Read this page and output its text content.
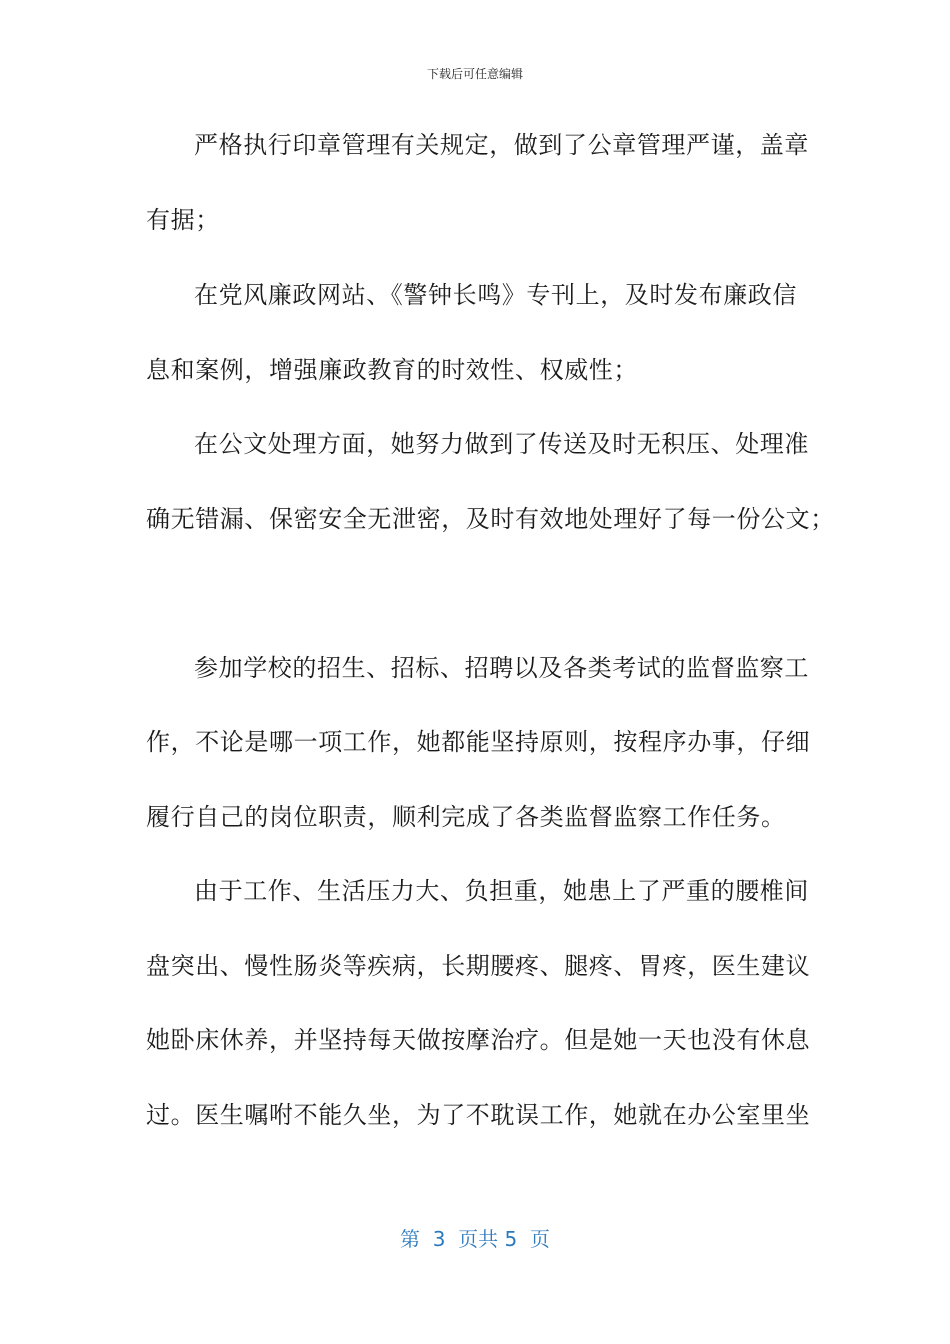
下载后可任意编辑
严格执行印章管理有关规定，做到了公章管理严谨，盖章
有据；
在党风廉政网站、《警钟长鸣》专刊上，及时发布廉政信
息和案例，增强廉政教育的时效性、权威性；
在公文处理方面，她努力做到了传送及时无积压、处理准
确无错漏、保密安全无泄密，及时有效地处理好了每一份公文；
参加学校的招生、招标、招聘以及各类考试的监督监察工
作，不论是哪一项工作，她都能坚持原则，按程序办事，仔细
履行自己的岗位职责，顺利完成了各类监督监察工作任务。
由于工作、生活压力大、负担重，她患上了严重的腰椎间
盘突出、慢性肠炎等疾病，长期腰疼、腿疼、胃疼，医生建议
她卧床休养，并坚持每天做按摩治疗。但是她一天也没有休息
过。医生嘱咐不能久坐，为了不耽误工作，她就在办公室里坐
第  3  页共 5  页
